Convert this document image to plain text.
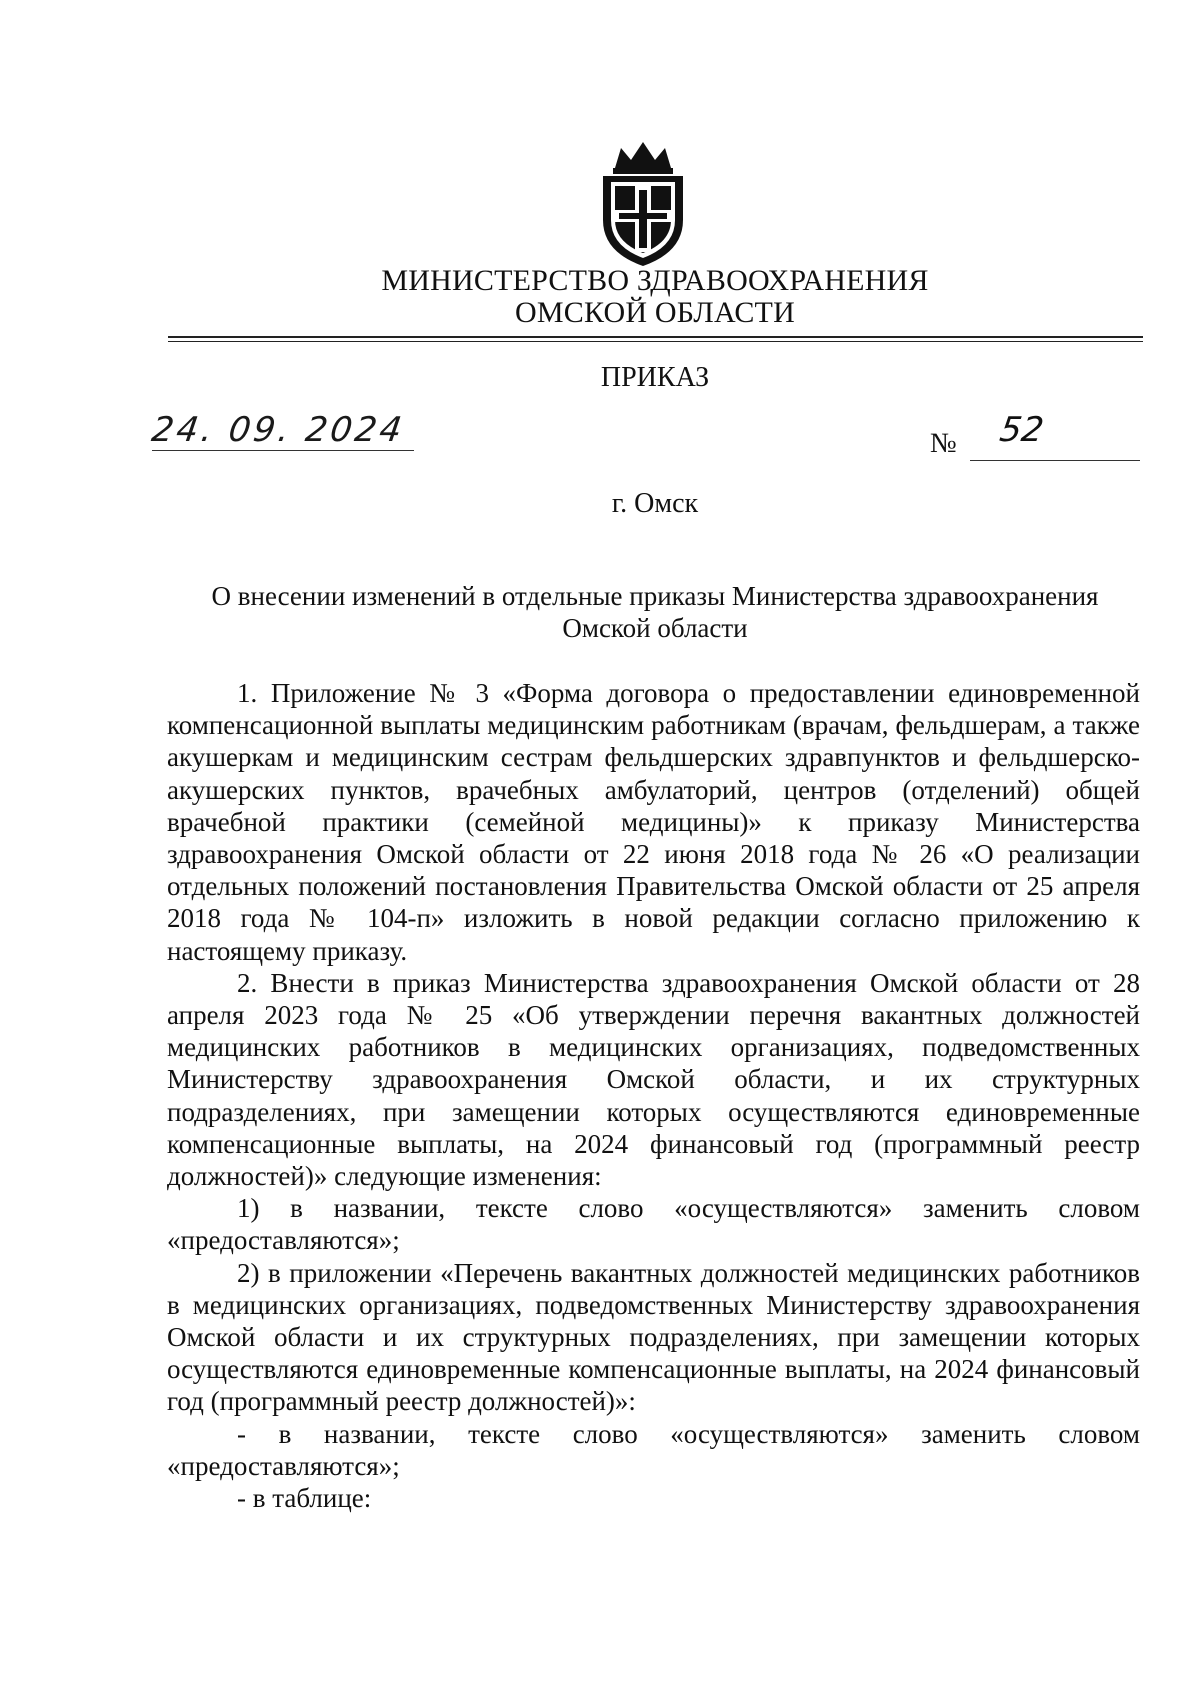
МИНИСТЕРСТВО ЗДРАВООХРАНЕНИЯ
ОМСКОЙ ОБЛАСТИ
ПРИКАЗ
24. 09. 2024	№ 52
г. Омск
О внесении изменений в отдельные приказы Министерства здравоохранения Омской области

1. Приложение № 3 «Форма договора о предоставлении единовременной компенсационной выплаты медицинским работникам (врачам, фельдшерам, а также акушеркам и медицинским сестрам фельдшерских здравпунктов и фельдшерско-акушерских пунктов, врачебных амбулаторий, центров (отделений) общей врачебной практики (семейной медицины)» к приказу Министерства здравоохранения Омской области от 22 июня 2018 года № 26 «О реализации отдельных положений постановления Правительства Омской области от 25 апреля 2018 года № 104-п» изложить в новой редакции согласно приложению к настоящему приказу.

2. Внести в приказ Министерства здравоохранения Омской области от 28 апреля 2023 года № 25 «Об утверждении перечня вакантных должностей медицинских работников в медицинских организациях, подведомственных Министерству здравоохранения Омской области, и их структурных подразделениях, при замещении которых осуществляются единовременные компенсационные выплаты, на 2024 финансовый год (программный реестр должностей)» следующие изменения:

1) в названии, тексте слово «осуществляются» заменить словом «предоставляются»;

2) в приложении «Перечень вакантных должностей медицинских работников в медицинских организациях, подведомственных Министерству здравоохранения Омской области и их структурных подразделениях, при замещении которых осуществляются единовременные компенсационные выплаты, на 2024 финансовый год (программный реестр должностей)»:

- в названии, тексте слово «осуществляются» заменить словом «предоставляются»;

- в таблице:
